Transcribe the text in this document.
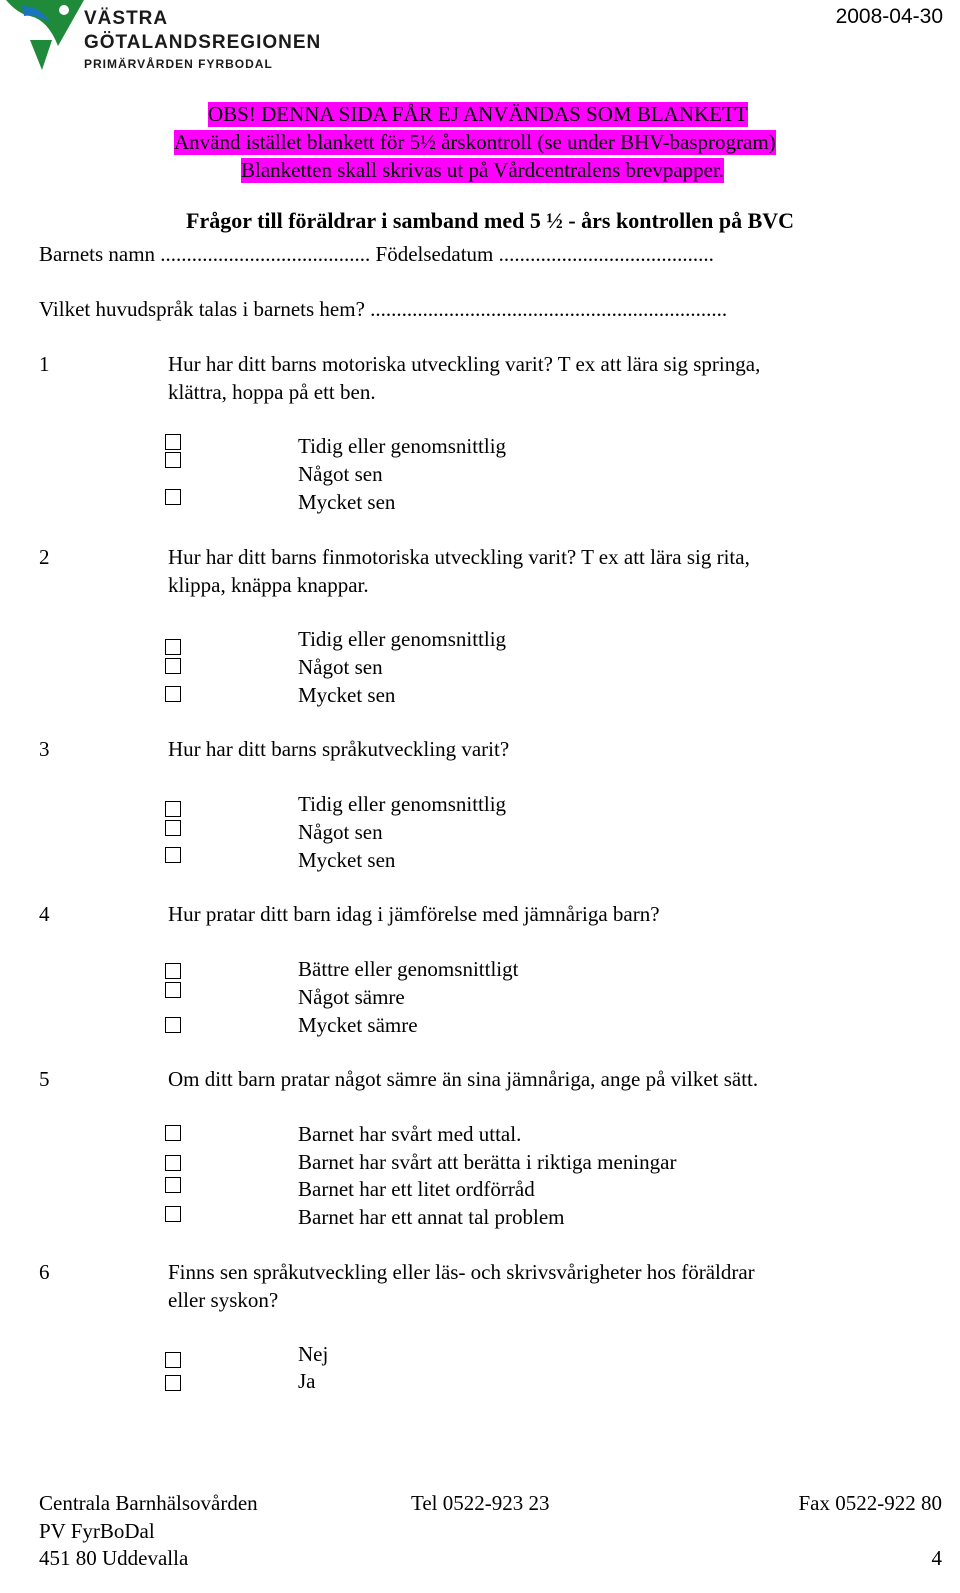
VÄSTRA
GÖTALANDSREGIONEN
PRIMÄRVÅRDEN FYRBODAL
2008-04-30
OBS! DENNA SIDA FÅR EJ ANVÄNDAS SOM BLANKETT
Använd istället blankett för 5½ årskontroll (se under BHV-basprogram)
Blanketten skall skrivas ut på Vårdcentralens brevpapper.
Frågor till föräldrar i samband med 5 ½ - års kontrollen på BVC
Barnets namn ........................................ Födelsedatum .........................................
Vilket huvudspråk talas i barnets hem? ....................................................................
1	Hur har ditt barns motoriska utveckling varit? T ex att lära sig springa,
klättra, hoppa på ett ben.
Tidig eller genomsnittlig
Något sen
Mycket sen
2	Hur har ditt barns finmotoriska utveckling varit? T ex att lära sig rita,
klippa, knäppa knappar.
Tidig eller genomsnittlig
Något sen
Mycket sen
3	Hur har ditt barns språkutveckling varit?
Tidig eller genomsnittlig
Något sen
Mycket sen
4	Hur pratar ditt barn idag i jämförelse med jämnåriga barn?
Bättre eller genomsnittligt
Något sämre
Mycket sämre
5	Om ditt barn pratar något sämre än sina jämnåriga, ange på vilket sätt.
Barnet har svårt med uttal.
Barnet har svårt att berätta i riktiga meningar
Barnet har ett litet ordförråd
Barnet har ett annat tal problem
6	Finns sen språkutveckling eller läs- och skrivsvårigheter hos föräldrar
eller syskon?
Nej
Ja
Centrala Barnhälsovården
PV FyrBoDal
451 80 Uddevalla
Tel 0522-923 23	Fax 0522-922 80
4
